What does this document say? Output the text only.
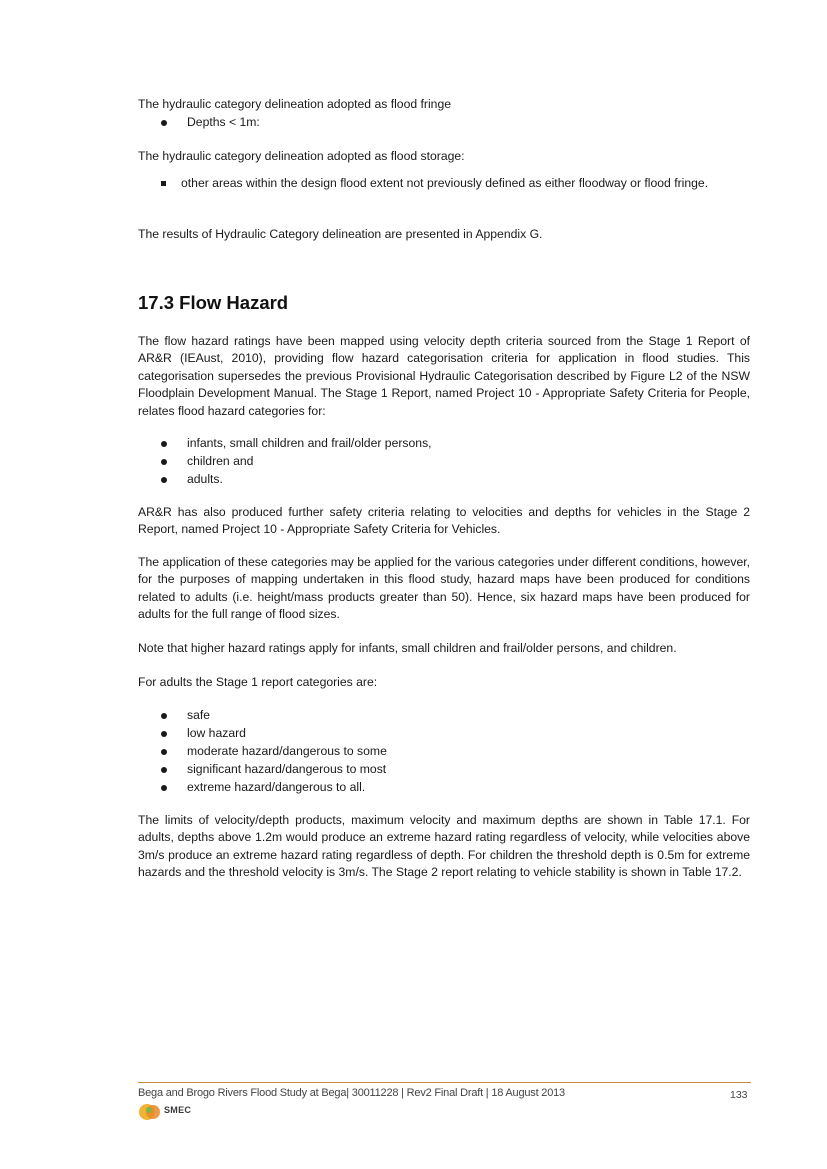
The hydraulic category delineation adopted as flood fringe
Depths < 1m:
The hydraulic category delineation adopted as flood storage:
other areas within the design flood extent not previously defined as either floodway or flood fringe.
The results of Hydraulic Category delineation are presented in Appendix G.
17.3 Flow Hazard

The flow hazard ratings have been mapped using velocity depth criteria sourced from the Stage 1 Report of AR&R (IEAust, 2010), providing flow hazard categorisation criteria for application in flood studies. This categorisation supersedes the previous Provisional Hydraulic Categorisation described by Figure L2 of the NSW Floodplain Development Manual. The Stage 1 Report, named Project 10 - Appropriate Safety Criteria for People, relates flood hazard categories for:

infants, small children and frail/older persons,
children and
adults.

AR&R has also produced further safety criteria relating to velocities and depths for vehicles in the Stage 2 Report, named Project 10 - Appropriate Safety Criteria for Vehicles.

The application of these categories may be applied for the various categories under different conditions, however, for the purposes of mapping undertaken in this flood study, hazard maps have been produced for conditions related to adults (i.e. height/mass products greater than 50). Hence, six hazard maps have been produced for adults for the full range of flood sizes.

Note that higher hazard ratings apply for infants, small children and frail/older persons, and children.
For adults the Stage 1 report categories are:
safe
low hazard
moderate hazard/dangerous to some
significant hazard/dangerous to most
extreme hazard/dangerous to all.

The limits of velocity/depth products, maximum velocity and maximum depths are shown in Table 17.1. For adults, depths above 1.2m would produce an extreme hazard rating regardless of velocity, while velocities above 3m/s produce an extreme hazard rating regardless of depth. For children the threshold depth is 0.5m for extreme hazards and the threshold velocity is 3m/s. The Stage 2 report relating to vehicle stability is shown in Table 17.2.

Bega and Brogo Rivers Flood Study at Bega| 30011228 | Rev2 Final Draft | 18 August 2013	133
SMEC
